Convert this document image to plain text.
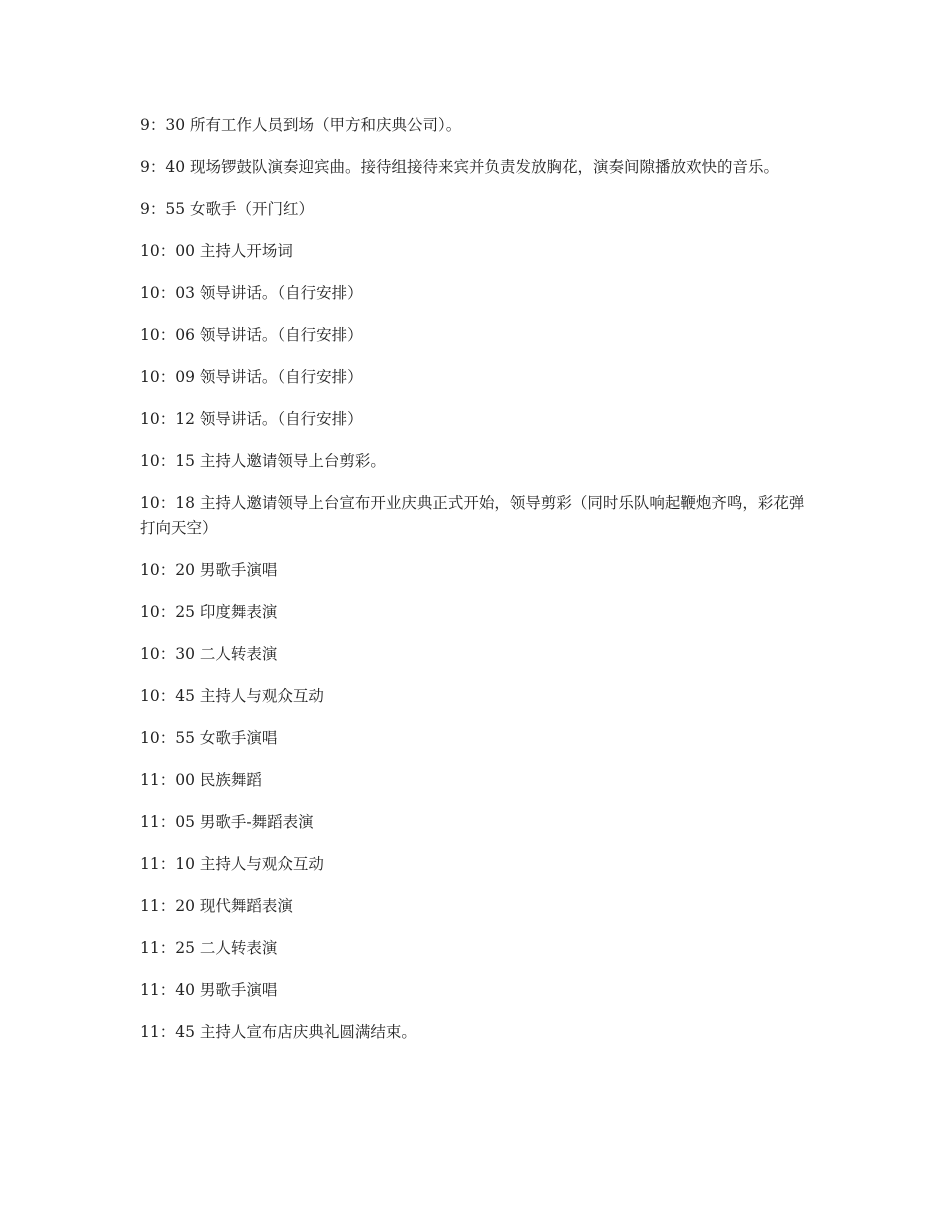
9：30 所有工作人员到场（甲方和庆典公司）。

9：40 现场锣鼓队演奏迎宾曲。接待组接待来宾并负责发放胸花，演奏间隙播放欢快的音乐。

9：55 女歌手（开门红）

10：00 主持人开场词

10：03 领导讲话。（自行安排）

10：06 领导讲话。（自行安排）

10：09 领导讲话。（自行安排）

10：12 领导讲话。（自行安排）

10：15 主持人邀请领导上台剪彩。

10：18 主持人邀请领导上台宣布开业庆典正式开始，领导剪彩（同时乐队响起鞭炮齐鸣，彩花弹打向天空）

10：20 男歌手演唱

10：25 印度舞表演

10：30 二人转表演

10：45 主持人与观众互动

10：55 女歌手演唱

11：00 民族舞蹈

11：05 男歌手-舞蹈表演

11：10 主持人与观众互动

11：20 现代舞蹈表演

11：25 二人转表演

11：40 男歌手演唱

11：45 主持人宣布店庆典礼圆满结束。
